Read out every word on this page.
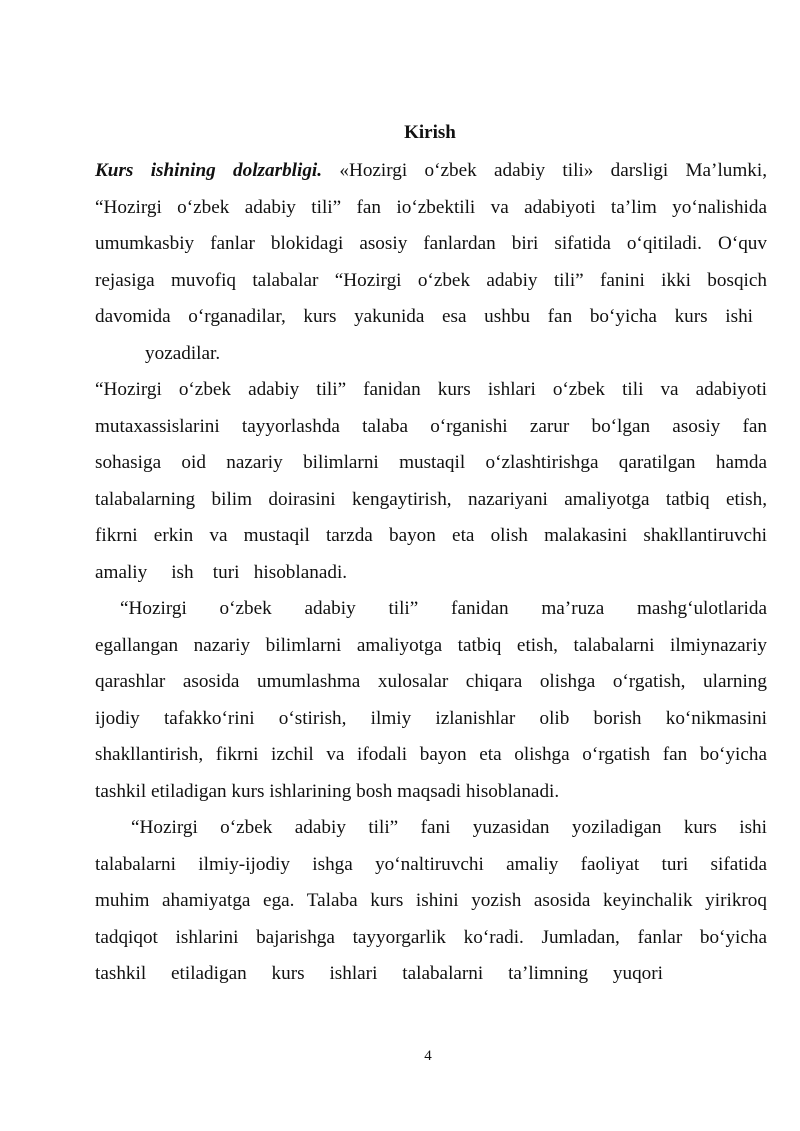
Kirish
Kurs ishining dolzarbligi. «Hozirgi o‘zbek adabiy tili» darsligi Ma’lumki,
“Hozirgi o‘zbek adabiy tili” fan io‘zbektili va adabiyoti ta’lim yo‘nalishida
umumkasbiy fanlar blokidagi asosiy fanlardan biri sifatida o‘qitiladi. O‘quv
rejasiga muvofiq talabalar “Hozirgi o‘zbek adabiy tili” fanini ikki bosqich
davomida o‘rganadilar, kurs yakunida esa ushbu fan bo‘yicha kurs ishi
yozadilar.
“Hozirgi o‘zbek adabiy tili” fanidan kurs ishlari o‘zbek tili va adabiyoti
mutaxassislarini tayyorlashda talaba o‘rganishi zarur bo‘lgan asosiy fan
sohasiga oid nazariy bilimlarni mustaqil o‘zlashtirishga qaratilgan hamda
talabalarning bilim doirasini kengaytirish, nazariyani amaliyotga tatbiq etish,
fikrni erkin va mustaqil tarzda bayon eta olish malakasini shakllantiruvchi
amaliy     ish    turi   hisoblanadi.
“Hozirgi o‘zbek adabiy tili” fanidan ma’ruza mashg‘ulotlarida
egallangan nazariy bilimlarni amaliyotga tatbiq etish, talabalarni ilmiynazariy
qarashlar asosida umumlashma xulosalar chiqara olishga o‘rgatish, ularning
ijodiy tafakko‘rini o‘stirish, ilmiy izlanishlar olib borish ko‘nikmasini
shakllantirish, fikrni izchil va ifodali bayon eta olishga o‘rgatish fan bo‘yicha
tashkil etiladigan kurs ishlarining bosh maqsadi hisoblanadi.
“Hozirgi o‘zbek adabiy tili” fani yuzasidan yoziladigan kurs ishi
talabalarni ilmiy-ijodiy ishga yo‘naltiruvchi amaliy faoliyat turi sifatida
muhim ahamiyatga ega. Talaba kurs ishini yozish asosida keyinchalik yirikroq
tadqiqot ishlarini bajarishga tayyorgarlik ko‘radi. Jumladan, fanlar bo‘yicha
tashkil etiladigan kurs ishlari talabalarni ta’limning yuqori
4
